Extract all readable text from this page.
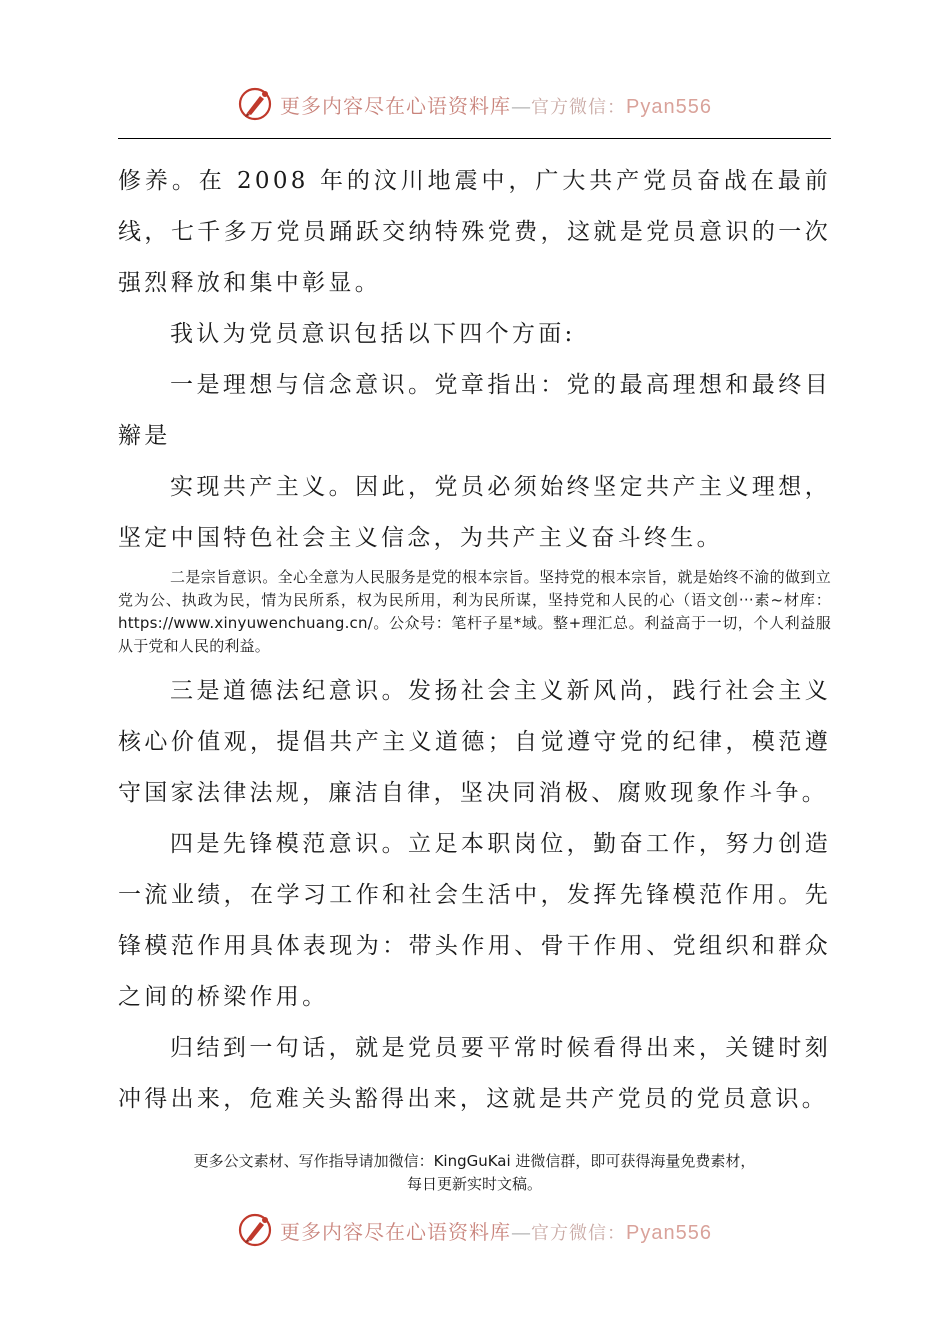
更多内容尽在心语资料库—官方微信：Pyan556

修养。在 2008 年的汶川地震中，广大共产党员奋战在最前线，七千多万党员踊跃交纳特殊党费，这就是党员意识的一次强烈释放和集中彰显。

我认为党员意识包括以下四个方面:

一是理想与信念意识。党章指出：党的最高理想和最终目辮是

实现共产主义。因此，党员必须始终坚定共产主义理想，坚定中国特色社会主义信念，为共产主义奋斗终生。

二是宗旨意识。全心全意为人民服务是党的根本宗旨。坚持党的根本宗旨，就是始终不渝的做到立党为公、执政为民，情为民所系，权为民所用，利为民所谋，坚持党和人民的心（语文创···素~材库：https://www.xinyuwenchuang.cn/。公众号：笔杆子星*域。整+理汇总。利益高于一切，个人利益服从于党和人民的利益。

三是道德法纪意识。发扬社会主义新风尚，践行社会主义核心价值观，提倡共产主义道德；自觉遵守党的纪律，模范遵守国家法律法规，廉洁自律，坚决同消极、腐败现象作斗争。

四是先锋模范意识。立足本职岗位，勤奋工作，努力创造一流业绩，在学习工作和社会生活中，发挥先锋模范作用。先锋模范作用具体表现为：带头作用、骨干作用、党组织和群众之间的桥梁作用。

归结到一句话，就是党员要平常时候看得出来，关键时刻冲得出来，危难关头豁得出来，这就是共产党员的党员意识。

更多公文素材、写作指导请加微信：KingGuKai 进微信群，即可获得海量免费素材，
每日更新实时文稿。
更多内容尽在心语资料库—官方微信：Pyan556
